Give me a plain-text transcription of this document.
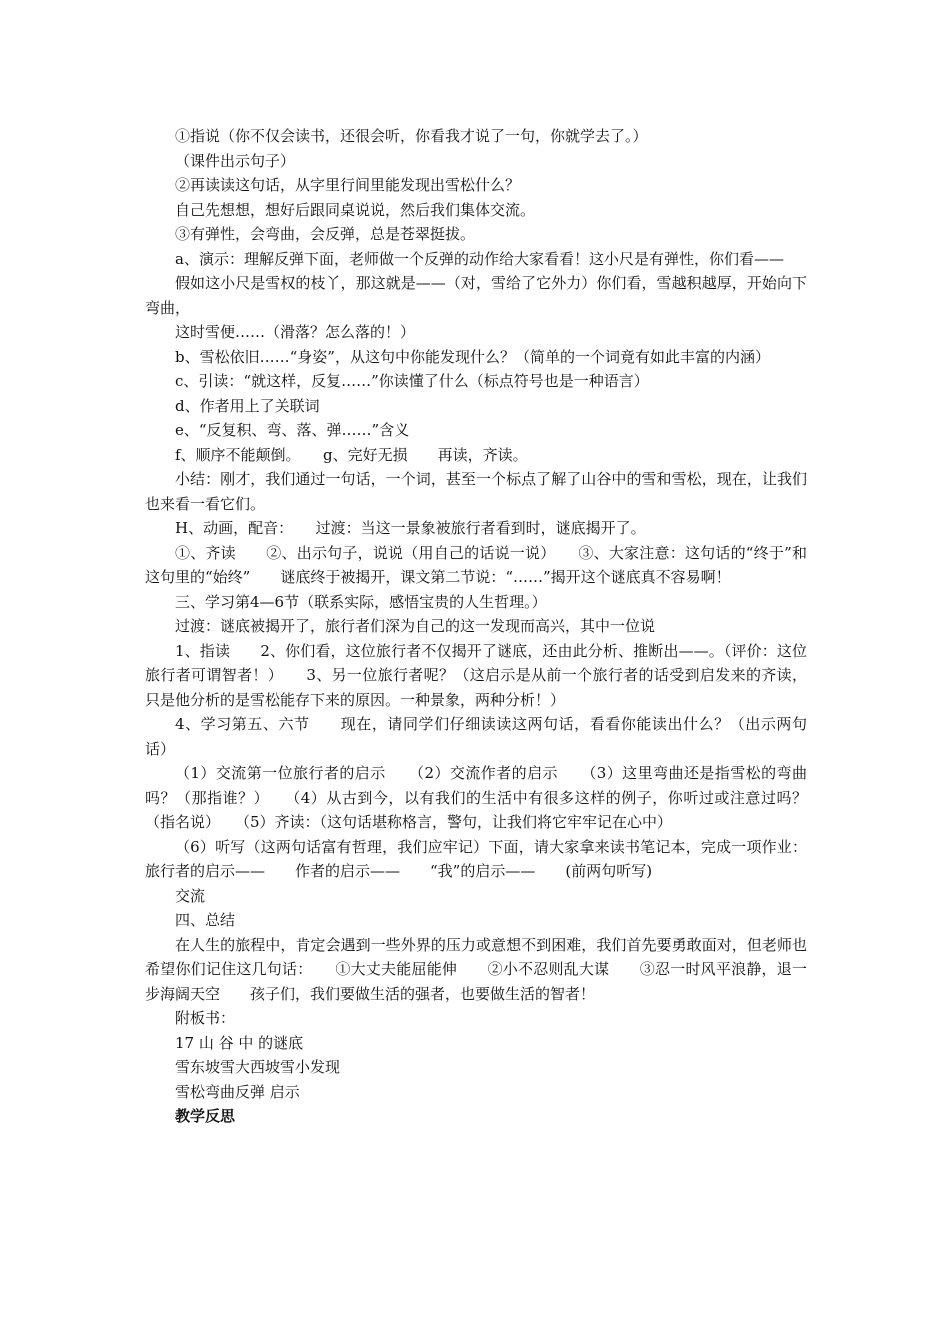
①指说（你不仅会读书，还很会听，你看我才说了一句，你就学去了。）

（课件出示句子）

②再读读这句话，从字里行间里能发现出雪松什么？

自己先想想，想好后跟同桌说说，然后我们集体交流。

③有弹性，会弯曲，会反弹，总是苍翠挺拔。

a、演示：理解反弹下面，老师做一个反弹的动作给大家看看！这小尺是有弹性，你们看——

假如这小尺是雪权的枝丫，那这就是——（对，雪给了它外力）你们看，雪越积越厚，开始向下弯曲，

这时雪便……（滑落？怎么落的！）

b、雪松依旧……“身姿”，从这句中你能发现什么？（简单的一个词竟有如此丰富的内涵）

c、引读：“就这样，反复……”你读懂了什么（标点符号也是一种语言）

d、作者用上了关联词

e、“反复积、弯、落、弹……”含义

f、顺序不能颠倒。　　g、完好无损　　再读，齐读。

小结：刚才，我们通过一句话，一个词，甚至一个标点了解了山谷中的雪和雪松，现在，让我们也来看一看它们。

H、动画，配音：　　过渡：当这一景象被旅行者看到时，谜底揭开了。

①、齐读　　②、出示句子，说说（用自己的话说一说）　　③、大家注意：这句话的“终于”和这句里的“始终”　　谜底终于被揭开，课文第二节说：“……”揭开这个谜底真不容易啊！

三、学习第4—6节（联系实际，感悟宝贵的人生哲理。）

过渡：谜底被揭开了，旅行者们深为自己的这一发现而高兴，其中一位说

1、指读　　2、你们看，这位旅行者不仅揭开了谜底，还由此分析、推断出——。（评价：这位旅行者可谓智者！）　　3、另一位旅行者呢？（这启示是从前一个旅行者的话受到启发来的齐读，只是他分析的是雪松能存下来的原因。一种景象，两种分析！）

4、学习第五、六节　　现在，请同学们仔细读读这两句话，看看你能读出什么？（出示两句话）

（1）交流第一位旅行者的启示　　（2）交流作者的启示　　（3）这里弯曲还是指雪松的弯曲吗？（那指谁？）　　（4）从古到今，以有我们的生活中有很多这样的例子，你听过或注意过吗？（指名说）　　（5）齐读：（这句话堪称格言，警句，让我们将它牢牢记在心中）

（6）听写（这两句话富有哲理，我们应牢记）下面，请大家拿来读书笔记本，完成一项作业：旅行者的启示——　　作者的启示——　　“我”的启示——　　(前两句听写)

交流

四、总结

在人生的旅程中，肯定会遇到一些外界的压力或意想不到困难，我们首先要勇敢面对，但老师也希望你们记住这几句话：　　①大丈夫能屈能伸　　②小不忍则乱大谋　　③忍一时风平浪静，退一步海阔天空　　孩子们，我们要做生活的强者，也要做生活的智者！

附板书：

17 山 谷 中 的谜底

雪东坡雪大西坡雪小发现

雪松弯曲反弹 启示

教学反思
